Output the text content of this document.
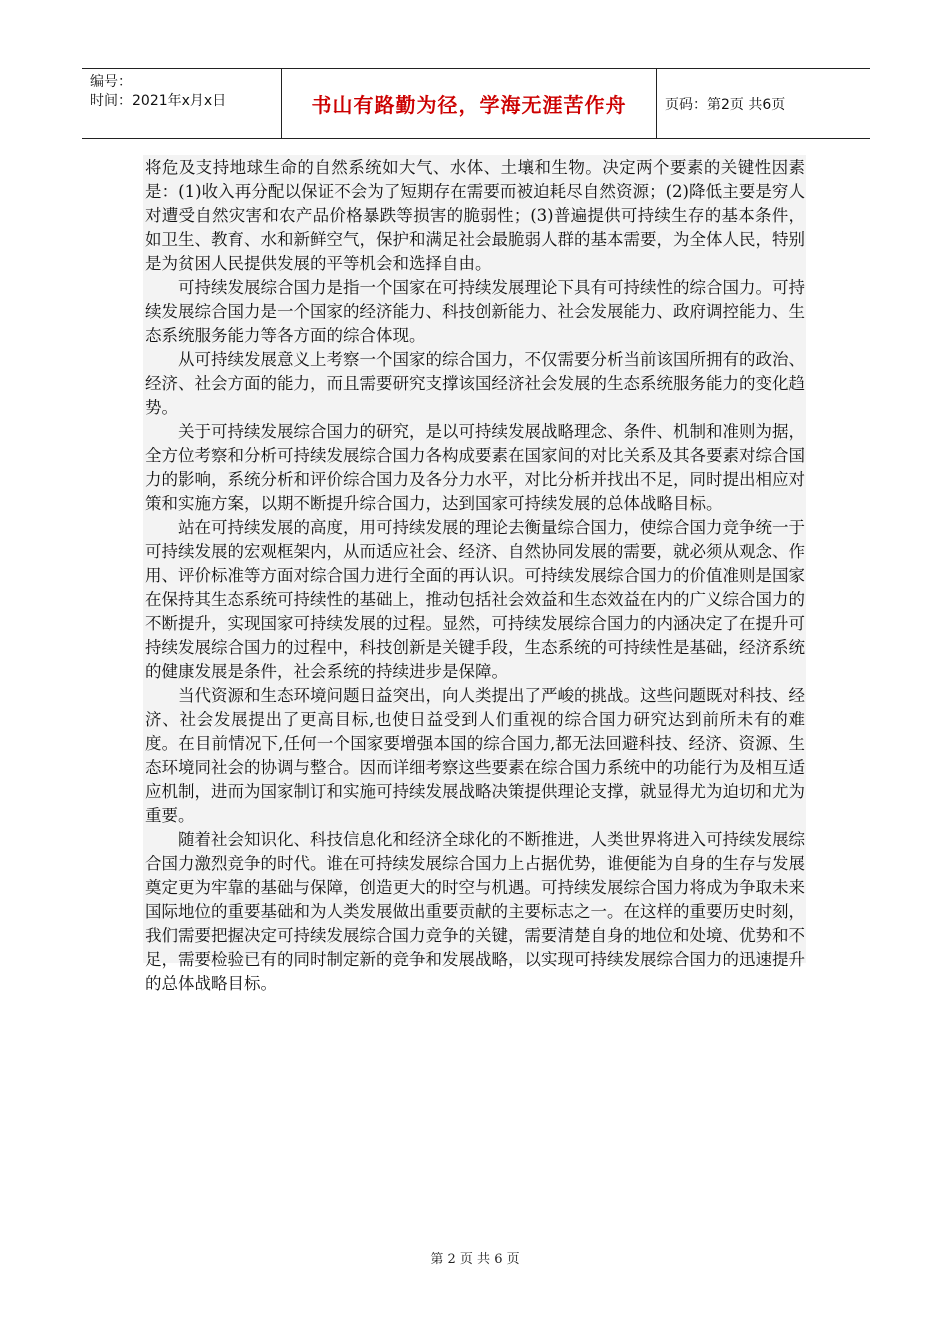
编号：
时间：2021年x月x日	书山有路勤为径，学海无涯苦作舟	页码：第2页 共6页

将危及支持地球生命的自然系统如大气、水体、土壤和生物。决定两个要素的关键性因素是：(1)收入再分配以保证不会为了短期存在需要而被迫耗尽自然资源；(2)降低主要是穷人对遭受自然灾害和农产品价格暴跌等损害的脆弱性；(3)普遍提供可持续生存的基本条件，如卫生、教育、水和新鲜空气，保护和满足社会最脆弱人群的基本需要，为全体人民，特别是为贫困人民提供发展的平等机会和选择自由。

可持续发展综合国力是指一个国家在可持续发展理论下具有可持续性的综合国力。可持续发展综合国力是一个国家的经济能力、科技创新能力、社会发展能力、政府调控能力、生态系统服务能力等各方面的综合体现。

从可持续发展意义上考察一个国家的综合国力，不仅需要分析当前该国所拥有的政治、经济、社会方面的能力，而且需要研究支撑该国经济社会发展的生态系统服务能力的变化趋势。

关于可持续发展综合国力的研究，是以可持续发展战略理念、条件、机制和准则为据，全方位考察和分析可持续发展综合国力各构成要素在国家间的对比关系及其各要素对综合国力的影响，系统分析和评价综合国力及各分力水平，对比分析并找出不足，同时提出相应对策和实施方案，以期不断提升综合国力，达到国家可持续发展的总体战略目标。

站在可持续发展的高度，用可持续发展的理论去衡量综合国力，使综合国力竞争统一于可持续发展的宏观框架内，从而适应社会、经济、自然协同发展的需要，就必须从观念、作用、评价标准等方面对综合国力进行全面的再认识。可持续发展综合国力的价值准则是国家在保持其生态系统可持续性的基础上，推动包括社会效益和生态效益在内的广义综合国力的不断提升，实现国家可持续发展的过程。显然，可持续发展综合国力的内涵决定了在提升可持续发展综合国力的过程中，科技创新是关键手段，生态系统的可持续性是基础，经济系统的健康发展是条件，社会系统的持续进步是保障。

当代资源和生态环境问题日益突出，向人类提出了严峻的挑战。这些问题既对科技、经济、社会发展提出了更高目标,也使日益受到人们重视的综合国力研究达到前所未有的难度。在目前情况下,任何一个国家要增强本国的综合国力,都无法回避科技、经济、资源、生态环境同社会的协调与整合。因而详细考察这些要素在综合国力系统中的功能行为及相互适应机制，进而为国家制订和实施可持续发展战略决策提供理论支撑，就显得尤为迫切和尤为重要。

随着社会知识化、科技信息化和经济全球化的不断推进，人类世界将进入可持续发展综合国力激烈竞争的时代。谁在可持续发展综合国力上占据优势，谁便能为自身的生存与发展奠定更为牢靠的基础与保障，创造更大的时空与机遇。可持续发展综合国力将成为争取未来国际地位的重要基础和为人类发展做出重要贡献的主要标志之一。在这样的重要历史时刻，我们需要把握决定可持续发展综合国力竞争的关键，需要清楚自身的地位和处境、优势和不足，需要检验已有的同时制定新的竞争和发展战略，以实现可持续发展综合国力的迅速提升的总体战略目标。

第 2 页 共 6 页
